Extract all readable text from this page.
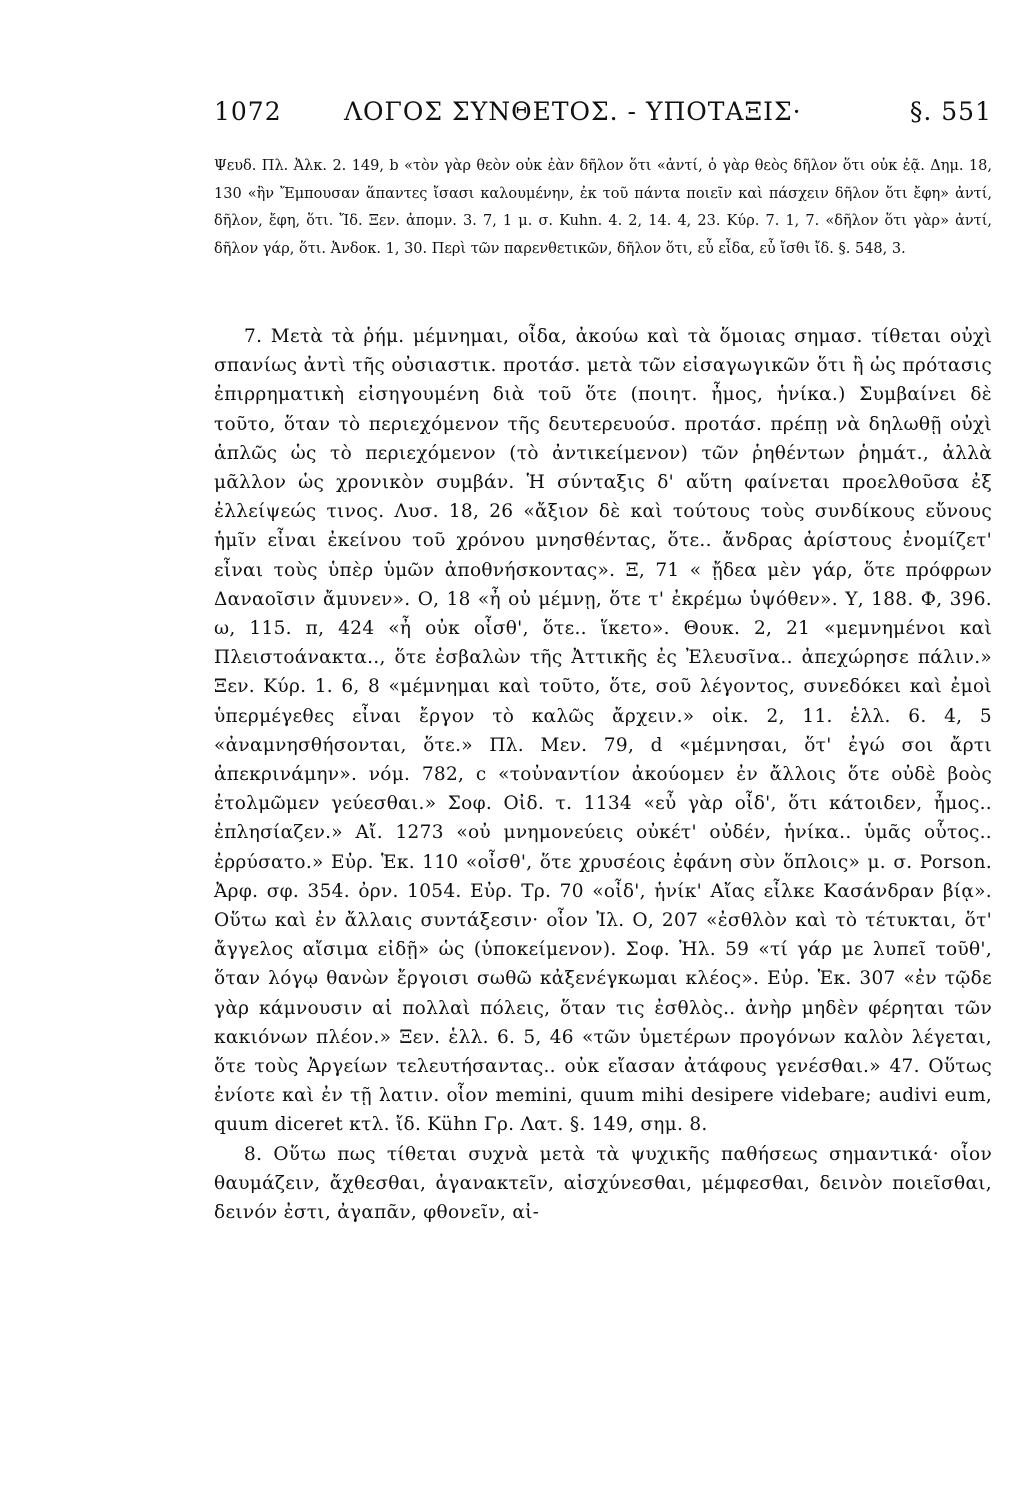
1072 ΛΟΓΟΣ ΣΥΝΘΕΤΟΣ. - ΥΠΟΤΑΞΙΣ·	§. 551

Ψευδ. Πλ. Ἀλκ. 2. 149, b «τὸν γὰρ θεὸν οὐκ ἐὰν δῆλον ὅτι «ἀντί, ὁ γὰρ θεὸς δῆλον ὅτι οὐκ ἐᾷ. Δημ. 18, 130 «ἣν Ἔμπουσαν ἅπαντες ἴσασι καλουμένην, ἐκ τοῦ πάντα ποιεῖν καὶ πάσχειν δῆλον ὅτι ἔφη» ἀντί, δῆλον, ἔφη, ὅτι. Ἴδ. Ξεν. ἀπομν. 3. 7, 1 μ. σ. Kuhn. 4. 2, 14. 4, 23. Κύρ. 7. 1, 7. «δῆλον ὅτι γὰρ» ἀντί, δῆλον γάρ, ὅτι. Ἀνδοκ. 1, 30. Περὶ τῶν παρενθετικῶν, δῆλον ὅτι, εὖ εἶδα, εὖ ἴσθι ἴδ. §. 548, 3.

7. Μετὰ τὰ ῥήμ. μέμνημαι, οἶδα, ἀκούω καὶ τὰ ὅμοιας σημασ. τίθεται οὐχὶ σπανίως ἀντὶ τῆς οὐσιαστικ. προτάσ. μετὰ τῶν εἰσαγωγικῶν ὅτι ἢ ὡς πρότασις ἐπιρρηματικὴ εἰσηγουμένη διὰ τοῦ ὅτε (ποιητ. ἦμος, ἡνίκα.) Συμβαίνει δὲ τοῦτο, ὅταν τὸ περιεχόμενον τῆς δευτερευούσ. προτάσ. πρέπῃ νὰ δηλωθῇ οὐχὶ ἁπλῶς ὡς τὸ περιεχόμενον (τὸ ἀντικείμενον) τῶν ῥηθέντων ῥημάτ., ἀλλὰ μᾶλλον ὡς χρονικὸν συμβάν. Ἡ σύνταξις δ' αὕτη φαίνεται προελθοῦσα ἐξ ἐλλείψεώς τινος. Λυσ. 18, 26 «ἄξιον δὲ καὶ τούτους τοὺς συνδίκους εὔνους ἡμῖν εἶναι ἐκείνου τοῦ χρόνου μνησθέντας, ὅτε.. ἄνδρας ἀρίστους ἐνομίζετ' εἶναι τοὺς ὑπὲρ ὑμῶν ἀποθνήσκοντας». Ξ, 71 « ᾔδεα μὲν γάρ, ὅτε πρόφρων Δαναοῖσιν ἄμυνεν». Ο, 18 «ἦ οὐ μέμνῃ, ὅτε τ' ἐκρέμω ὑψόθεν». Υ, 188. Φ, 396. ω, 115. π, 424 «ἦ οὐκ οἶσθ', ὅτε.. ἵκετο». Θουκ. 2, 21 «μεμνημένοι καὶ Πλειστοάνακτα.., ὅτε ἐσβαλὼν τῆς Ἀττικῆς ἐς Ἐλευσῖνα.. ἀπεχώρησε πάλιν.» Ξεν. Κύρ. 1. 6, 8 «μέμνημαι καὶ τοῦτο, ὅτε, σοῦ λέγοντος, συνεδόκει καὶ ἐμοὶ ὑπερμέγεθες εἶναι ἔργον τὸ καλῶς ἄρχειν.» οἰκ. 2, 11. ἑλλ. 6. 4, 5 «ἀναμνησθήσονται, ὅτε.» Πλ. Μεν. 79, d «μέμνησαι, ὅτ' ἐγώ σοι ἄρτι ἀπεκρινάμην». νόμ. 782, c «τοὐναντίον ἀκούομεν ἐν ἄλλοις ὅτε οὐδὲ βοὸς ἐτολμῶμεν γεύεσθαι.» Σοφ. Οἰδ. τ. 1134 «εὖ γὰρ οἶδ', ὅτι κάτοιδεν, ἦμος.. ἐπλησίαζεν.» Αἴ. 1273 «οὐ μνημονεύεις οὐκέτ' οὐδέν, ἡνίκα.. ὑμᾶς οὗτος.. ἐρρύσατο.» Εὐρ. Ἑκ. 110 «οἶσθ', ὅτε χρυσέοις ἐφάνη σὺν ὅπλοις» μ. σ. Porson. Ἀρφ. σφ. 354. ὀρν. 1054. Εὐρ. Τρ. 70 «οἶδ', ἡνίκ' Αἴας εἷλκε Κασάνδραν βίᾳ». Οὕτω καὶ ἐν ἄλλαις συντάξεσιν· οἷον Ἰλ. Ο, 207 «ἐσθλὸν καὶ τὸ τέτυκται, ὅτ' ἄγγελος αἴσιμα εἰδῇ» ὡς (ὑποκείμενον). Σοφ. Ἠλ. 59 «τί γάρ με λυπεῖ τοῦθ', ὅταν λόγῳ θανὼν ἔργοισι σωθῶ κἀξενέγκωμαι κλέος». Εὐρ. Ἑκ. 307 «ἐν τῷδε γὰρ κάμνουσιν αἱ πολλαὶ πόλεις, ὅταν τις ἐσθλὸς.. ἀνὴρ μηδὲν φέρηται τῶν κακιόνων πλέον.» Ξεν. ἑλλ. 6. 5, 46 «τῶν ὑμετέρων προγόνων καλὸν λέγεται, ὅτε τοὺς Ἀργείων τελευτήσαντας.. οὐκ εἴασαν ἀτάφους γενέσθαι.» 47. Οὕτως ἐνίοτε καὶ ἐν τῇ λατιν. οἷον memini, quum mihi desipere videbare; audivi eum, quum diceret κτλ. ἴδ. Kühn Γρ. Λατ. §. 149, σημ. 8.

8. Οὕτω πως τίθεται συχνὰ μετὰ τὰ ψυχικῆς παθήσεως σημαντικά· οἷον θαυμάζειν, ἄχθεσθαι, ἀγανακτεῖν, αἰσχύνεσθαι, μέμφεσθαι, δεινὸν ποιεῖσθαι, δεινόν ἐστι, ἀγαπᾶν, φθονεῖν, αἰ-
